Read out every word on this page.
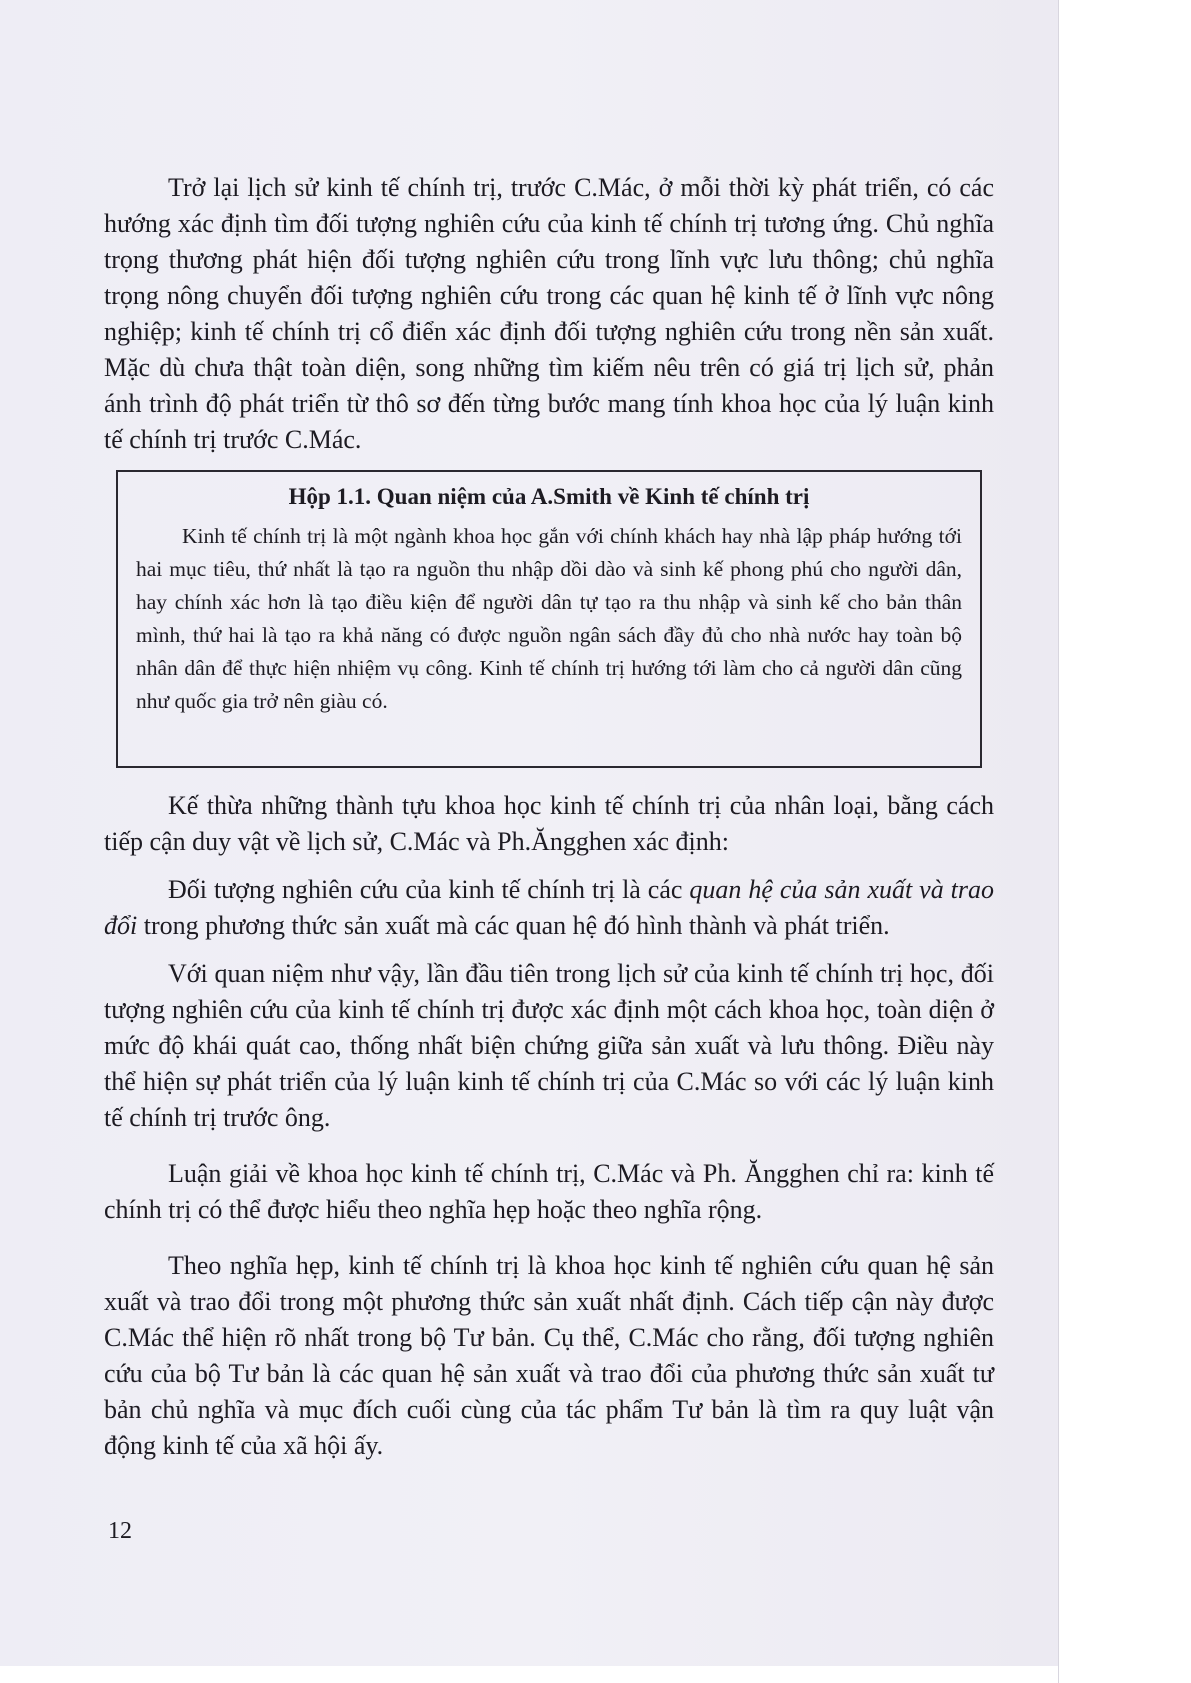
Trở lại lịch sử kinh tế chính trị, trước C.Mác, ở mỗi thời kỳ phát triển, có các hướng xác định tìm đối tượng nghiên cứu của kinh tế chính trị tương ứng. Chủ nghĩa trọng thương phát hiện đối tượng nghiên cứu trong lĩnh vực lưu thông; chủ nghĩa trọng nông chuyển đối tượng nghiên cứu trong các quan hệ kinh tế ở lĩnh vực nông nghiệp; kinh tế chính trị cổ điển xác định đối tượng nghiên cứu trong nền sản xuất. Mặc dù chưa thật toàn diện, song những tìm kiếm nêu trên có giá trị lịch sử, phản ánh trình độ phát triển từ thô sơ đến từng bước mang tính khoa học của lý luận kinh tế chính trị trước C.Mác.

Hộp 1.1. Quan niệm của A.Smith về Kinh tế chính trị

Kinh tế chính trị là một ngành khoa học gắn với chính khách hay nhà lập pháp hướng tới hai mục tiêu, thứ nhất là tạo ra nguồn thu nhập dồi dào và sinh kế phong phú cho người dân, hay chính xác hơn là tạo điều kiện để người dân tự tạo ra thu nhập và sinh kế cho bản thân mình, thứ hai là tạo ra khả năng có được nguồn ngân sách đầy đủ cho nhà nước hay toàn bộ nhân dân để thực hiện nhiệm vụ công. Kinh tế chính trị hướng tới làm cho cả người dân cũng như quốc gia trở nên giàu có.

Kế thừa những thành tựu khoa học kinh tế chính trị của nhân loại, bằng cách tiếp cận duy vật về lịch sử, C.Mác và Ph.Ăngghen xác định:

Đối tượng nghiên cứu của kinh tế chính trị là các quan hệ của sản xuất và trao đổi trong phương thức sản xuất mà các quan hệ đó hình thành và phát triển.

Với quan niệm như vậy, lần đầu tiên trong lịch sử của kinh tế chính trị học, đối tượng nghiên cứu của kinh tế chính trị được xác định một cách khoa học, toàn diện ở mức độ khái quát cao, thống nhất biện chứng giữa sản xuất và lưu thông. Điều này thể hiện sự phát triển của lý luận kinh tế chính trị của C.Mác so với các lý luận kinh tế chính trị trước ông.

Luận giải về khoa học kinh tế chính trị, C.Mác và Ph. Ăngghen chỉ ra: kinh tế chính trị có thể được hiểu theo nghĩa hẹp hoặc theo nghĩa rộng.

Theo nghĩa hẹp, kinh tế chính trị là khoa học kinh tế nghiên cứu quan hệ sản xuất và trao đổi trong một phương thức sản xuất nhất định. Cách tiếp cận này được C.Mác thể hiện rõ nhất trong bộ Tư bản. Cụ thể, C.Mác cho rằng, đối tượng nghiên cứu của bộ Tư bản là các quan hệ sản xuất và trao đổi của phương thức sản xuất tư bản chủ nghĩa và mục đích cuối cùng của tác phẩm Tư bản là tìm ra quy luật vận động kinh tế của xã hội ấy.

12
